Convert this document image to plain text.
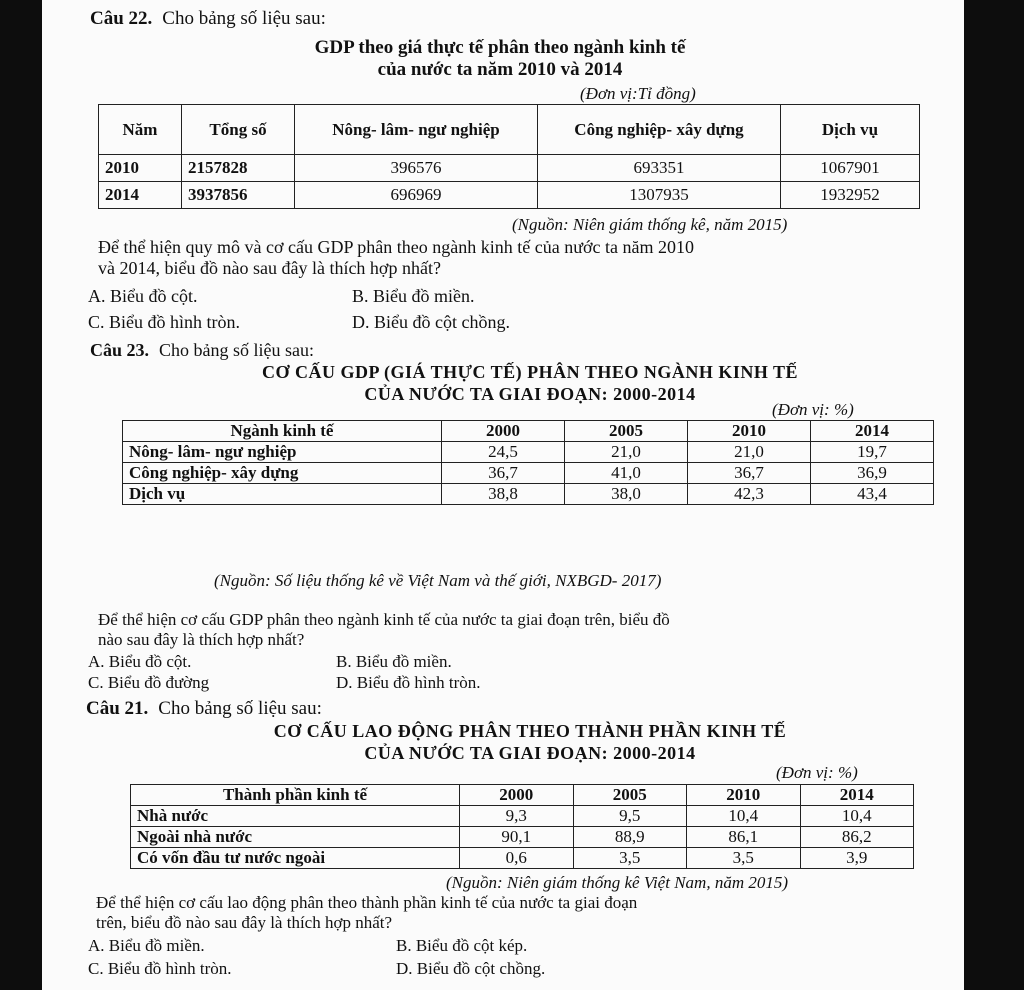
Câu 22. Cho bảng số liệu sau:
GDP theo giá thực tế phân theo ngành kinh tế
của nước ta năm 2010 và 2014
(Đơn vị:Tỉ đồng)
Năm	Tổng số	Nông- lâm- ngư nghiệp	Công nghiệp- xây dựng	Dịch vụ
2010	2157828	396576	693351	1067901
2014	3937856	696969	1307935	1932952
(Nguồn: Niên giám thống kê, năm 2015)
Để thể hiện quy mô và cơ cấu GDP phân theo ngành kinh tế của nước ta năm 2010
và 2014, biểu đồ nào sau đây là thích hợp nhất?
A. Biểu đồ cột.	B. Biểu đồ miền.
C. Biểu đồ hình tròn.	D. Biểu đồ cột chồng.
Câu 23. Cho bảng số liệu sau:
CƠ CẤU GDP (GIÁ THỰC TẾ) PHÂN THEO NGÀNH KINH TẾ
CỦA NƯỚC TA GIAI ĐOẠN: 2000-2014
(Đơn vị: %)
Ngành kinh tế	2000	2005	2010	2014
Nông- lâm- ngư nghiệp	24,5	21,0	21,0	19,7
Công nghiệp- xây dựng	36,7	41,0	36,7	36,9
Dịch vụ	38,8	38,0	42,3	43,4
(Nguồn: Số liệu thống kê về Việt Nam và thế giới, NXBGD- 2017)
Để thể hiện cơ cấu GDP phân theo ngành kinh tế của nước ta giai đoạn trên, biểu đồ
nào sau đây là thích hợp nhất?
A. Biểu đồ cột.	B. Biểu đồ miền.
C. Biểu đồ đường	D. Biểu đồ hình tròn.
Câu 21. Cho bảng số liệu sau:
CƠ CẤU LAO ĐỘNG PHÂN THEO THÀNH PHẦN KINH TẾ
CỦA NƯỚC TA GIAI ĐOẠN: 2000-2014
(Đơn vị: %)
Thành phần kinh tế	2000	2005	2010	2014
Nhà nước	9,3	9,5	10,4	10,4
Ngoài nhà nước	90,1	88,9	86,1	86,2
Có vốn đầu tư nước ngoài	0,6	3,5	3,5	3,9
(Nguồn: Niên giám thống kê Việt Nam, năm 2015)
Để thể hiện cơ cấu lao động phân theo thành phần kinh tế của nước ta giai đoạn
trên, biểu đồ nào sau đây là thích hợp nhất?
A. Biểu đồ miền.	B. Biểu đồ cột kép.
C. Biểu đồ hình tròn.	D. Biểu đồ cột chồng.
